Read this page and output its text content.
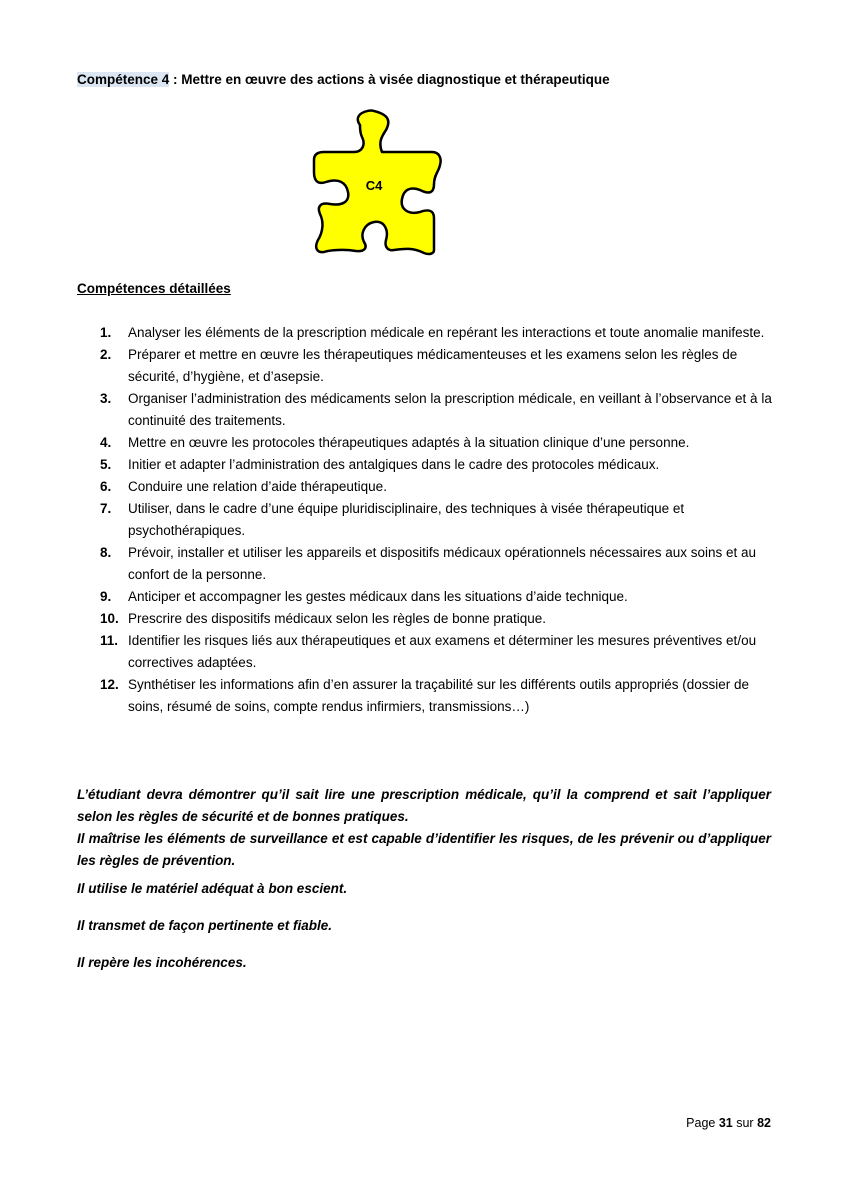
Compétence 4 : Mettre en œuvre des actions à visée diagnostique et thérapeutique
C4
Compétences détaillées
1. Analyser les éléments de la prescription médicale en repérant les interactions et toute anomalie manifeste.
2. Préparer et mettre en œuvre les thérapeutiques médicamenteuses et les examens selon les règles de sécurité, d’hygiène, et d’asepsie.
3. Organiser l’administration des médicaments selon la prescription médicale, en veillant à l’observance et à la continuité des traitements.
4. Mettre en œuvre les protocoles thérapeutiques adaptés à la situation clinique d’une personne.
5. Initier et adapter l’administration des antalgiques dans le cadre des protocoles médicaux.
6. Conduire une relation d’aide thérapeutique.
7. Utiliser, dans le cadre d’une équipe pluridisciplinaire, des techniques à visée thérapeutique et psychothérapiques.
8. Prévoir, installer et utiliser les appareils et dispositifs médicaux opérationnels nécessaires aux soins et au confort de la personne.
9. Anticiper et accompagner les gestes médicaux dans les situations d’aide technique.
10. Prescrire des dispositifs médicaux selon les règles de bonne pratique.
11. Identifier les risques liés aux thérapeutiques et aux examens et déterminer les mesures préventives et/ou correctives adaptées.
12. Synthétiser les informations afin d’en assurer la traçabilité sur les différents outils appropriés (dossier de soins, résumé de soins, compte rendus infirmiers, transmissions…)

L’étudiant devra démontrer qu’il sait lire une prescription médicale, qu’il la comprend et sait l’appliquer selon les règles de sécurité et de bonnes pratiques.

Il maîtrise les éléments de surveillance et est capable d’identifier les risques, de les prévenir ou d’appliquer les règles de prévention.

Il utilise le matériel adéquat à bon escient.

Il transmet de façon pertinente et fiable.

Il repère les incohérences.

Page 31 sur 82
